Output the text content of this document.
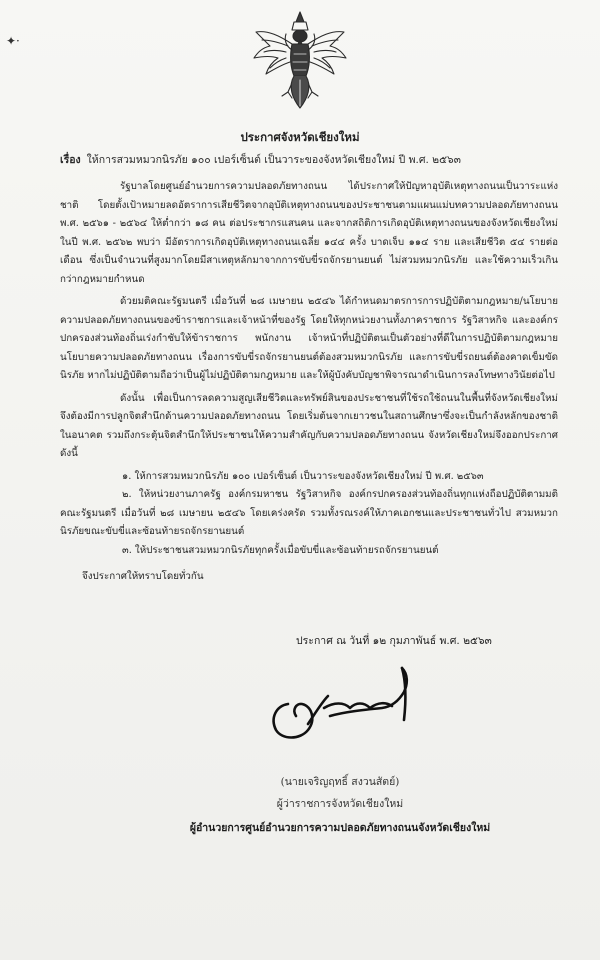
✦·
ประกาศจังหวัดเชียงใหม่
เรื่อง ให้การสวมหมวกนิรภัย ๑๐๐ เปอร์เซ็นต์ เป็นวาระของจังหวัดเชียงใหม่ ปี พ.ศ. ๒๕๖๓

รัฐบาลโดยศูนย์อำนวยการความปลอดภัยทางถนน ได้ประกาศให้ปัญหาอุบัติเหตุทางถนนเป็นวาระแห่งชาติ โดยตั้งเป้าหมายลดอัตราการเสียชีวิตจากอุบัติเหตุทางถนนของประชาชนตามแผนแม่บทความปลอดภัยทางถนน พ.ศ. ๒๕๖๑ - ๒๕๖๔ ให้ต่ำกว่า ๑๘ คน ต่อประชากรแสนคน และจากสถิติการเกิดอุบัติเหตุทางถนนของจังหวัดเชียงใหม่ในปี พ.ศ. ๒๕๖๒ พบว่า มีอัตราการเกิดอุบัติเหตุทางถนนเฉลี่ย ๑๔๔ ครั้ง บาดเจ็บ ๑๑๔ ราย และเสียชีวิต ๕๔ รายต่อเดือน ซึ่งเป็นจำนวนที่สูงมากโดยมีสาเหตุหลักมาจากการขับขี่รถจักรยานยนต์ ไม่สวมหมวกนิรภัย และใช้ความเร็วเกินกว่ากฎหมายกำหนด

ด้วยมติคณะรัฐมนตรี เมื่อวันที่ ๒๘ เมษายน ๒๕๔๖ ได้กำหนดมาตรการการปฏิบัติตามกฎหมาย/นโยบายความปลอดภัยทางถนนของข้าราชการและเจ้าหน้าที่ของรัฐ โดยให้ทุกหน่วยงานทั้งภาคราชการ รัฐวิสาหกิจ และองค์กรปกครองส่วนท้องถิ่นเร่งกำชับให้ข้าราชการ พนักงาน เจ้าหน้าที่ปฏิบัติตนเป็นตัวอย่างที่ดีในการปฏิบัติตามกฎหมาย นโยบายความปลอดภัยทางถนน เรื่องการขับขี่รถจักรยานยนต์ต้องสวมหมวกนิรภัย และการขับขี่รถยนต์ต้องคาดเข็มขัดนิรภัย หากไม่ปฏิบัติตามถือว่าเป็นผู้ไม่ปฏิบัติตามกฎหมาย และให้ผู้บังคับบัญชาพิจารณาดำเนินการลงโทษทางวินัยต่อไป

ดังนั้น เพื่อเป็นการลดความสูญเสียชีวิตและทรัพย์สินของประชาชนที่ใช้รถใช้ถนนในพื้นที่จังหวัดเชียงใหม่ จึงต้องมีการปลูกจิตสำนึกด้านความปลอดภัยทางถนน โดยเริ่มต้นจากเยาวชนในสถานศึกษาซึ่งจะเป็นกำลังหลักของชาติในอนาคต รวมถึงกระตุ้นจิตสำนึกให้ประชาชนให้ความสำคัญกับความปลอดภัยทางถนน จังหวัดเชียงใหม่จึงออกประกาศ ดังนี้

๑. ให้การสวมหมวกนิรภัย ๑๐๐ เปอร์เซ็นต์ เป็นวาระของจังหวัดเชียงใหม่ ปี พ.ศ. ๒๕๖๓

๒. ให้หน่วยงานภาครัฐ องค์กรมหาชน รัฐวิสาหกิจ องค์กรปกครองส่วนท้องถิ่นทุกแห่งถือปฏิบัติตามมติคณะรัฐมนตรี เมื่อวันที่ ๒๘ เมษายน ๒๕๔๖ โดยเคร่งครัด รวมทั้งรณรงค์ให้ภาคเอกชนและประชาชนทั่วไป สวมหมวกนิรภัยขณะขับขี่และซ้อนท้ายรถจักรยานยนต์

๓. ให้ประชาชนสวมหมวกนิรภัยทุกครั้งเมื่อขับขี่และซ้อนท้ายรถจักรยานยนต์

จึงประกาศให้ทราบโดยทั่วกัน

ประกาศ ณ วันที่ ๑๒ กุมภาพันธ์ พ.ศ. ๒๕๖๓
(นายเจริญฤทธิ์ สงวนสัตย์)
ผู้ว่าราชการจังหวัดเชียงใหม่
ผู้อำนวยการศูนย์อำนวยการความปลอดภัยทางถนนจังหวัดเชียงใหม่
